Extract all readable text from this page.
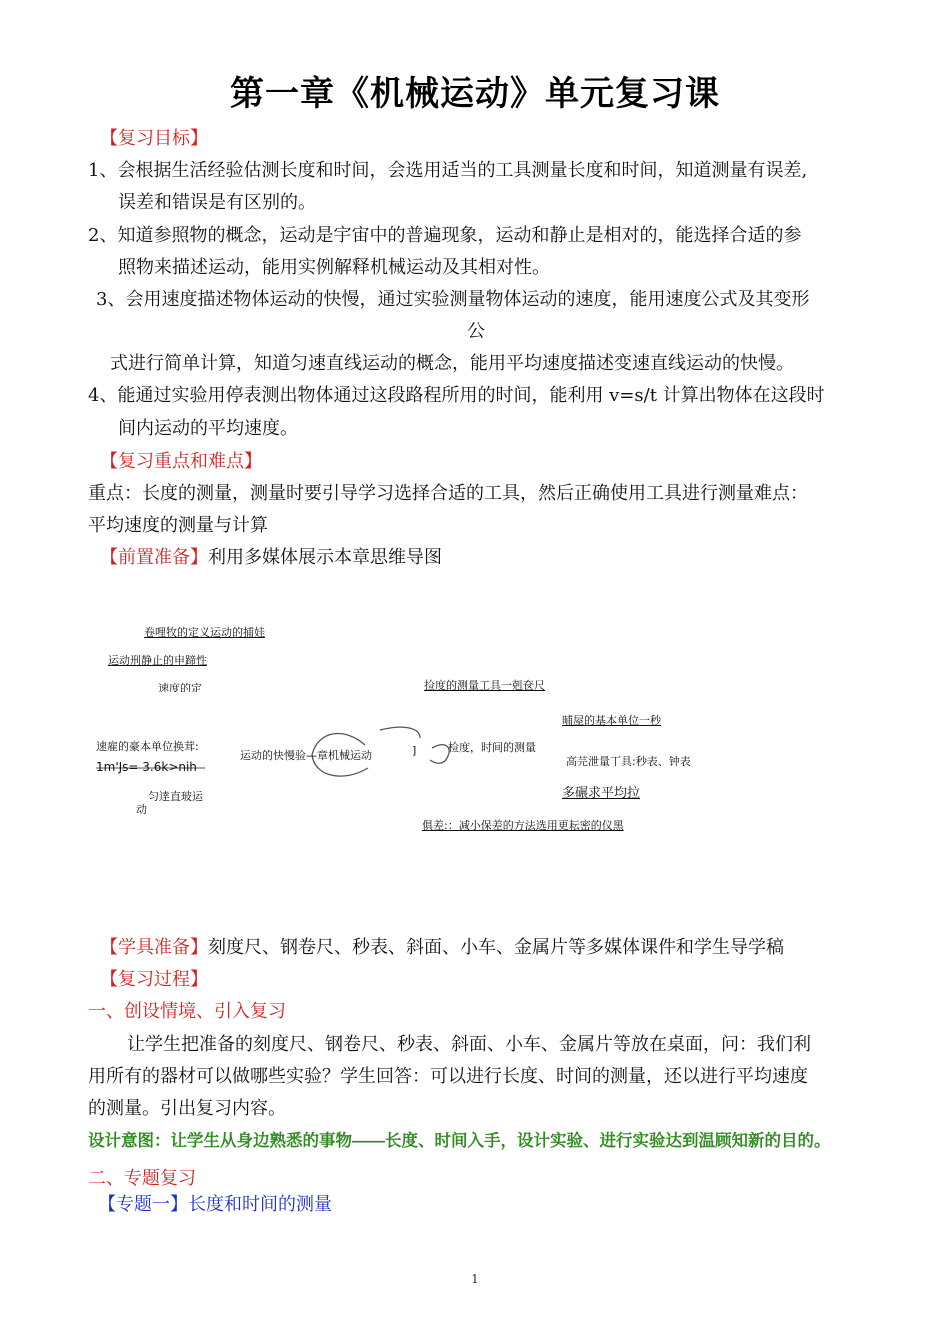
第一章《机械运动》单元复习课
【复习目标】
1、会根据生活经验估测长度和时间，会选用适当的工具测量长度和时间，知道测量有误差,
误差和错误是有区别的。
2、知道参照物的概念，运动是宇宙中的普遍现象，运动和静止是相对的，能选择合适的参
照物来描述运动，能用实例解释机械运动及其相对性。
3、会用速度描述物体运动的快慢，通过实验测量物体运动的速度，能用速度公式及其变形
公
式进行简单计算，知道匀速直线运动的概念，能用平均速度描述变速直线运动的快慢。
4、能通过实验用停表测出物体通过这段路程所用的时间，能利用 v=s/t 计算出物体在这段时
间内运动的平均速度。
【复习重点和难点】
重点：长度的测量，测量时要引导学习选择合适的工具，然后正确使用工具进行测量难点：
平均速度的测量与计算
【前置准备】利用多媒体展示本章思维导图
卷哩牧的定义运动的捕娃
运动刑静止的申蹄性
速度的定
速雇的豪本单位换茸:
1m'Js= 3.6k>nih
匀逹直玻运
动
运动的快慢验—章机械运动	]	检度，时间的测量
捡度的测量工具一剋奁尺
晡屋的基本单位一秒
高芫泄量丅具:秒表、钟表
多碾求平均拉
俱差:：减小保差的方法选用更耘密的仪黑
【学具准备】刻度尺、钢卷尺、秒表、斜面、小车、金属片等多媒体课件和学生导学稿
【复习过程】
一、创设情境、引入复习
让学生把准备的刻度尺、钢卷尺、秒表、斜面、小车、金属片等放在桌面，问：我们利
用所有的器材可以做哪些实验？学生回答：可以进行长度、时间的测量，还以进行平均速度
的测量。引出复习内容。
设计意图：让学生从身边熟悉的事物——长度、时间入手，设计实验、进行实验达到温顾知新的目的。
二、专题复习
【专题一】长度和时间的测量
1
